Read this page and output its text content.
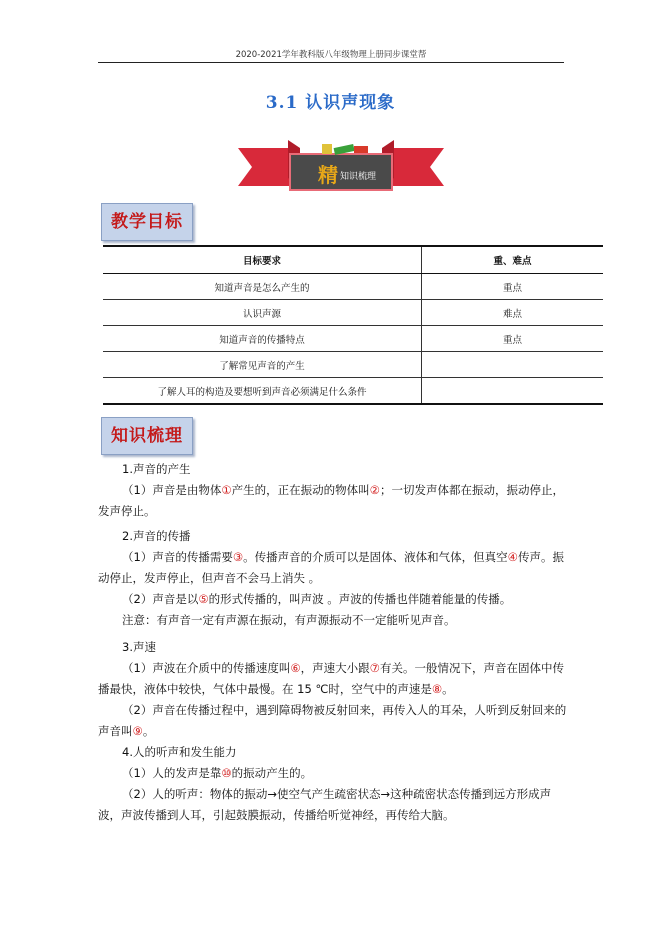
2020-2021学年教科版八年级物理上册同步课堂帮
3.1 认识声现象
精 知识梳理
教学目标
目标要求	重、难点
知道声音是怎么产生的	重点
认识声源	难点
知道声音的传播特点	重点
了解常见声音的产生	
了解人耳的构造及要想听到声音必须满足什么条件	
知识梳理

1.声音的产生

（1）声音是由物体①产生的，正在振动的物体叫②；一切发声体都在振动，振动停止，发声停止。

2.声音的传播

（1）声音的传播需要③。传播声音的介质可以是固体、液体和气体，但真空④传声。振动停止，发声停止，但声音不会马上消失 。

（2）声音是以⑤的形式传播的，叫声波 。声波的传播也伴随着能量的传播。

注意：有声音一定有声源在振动，有声源振动不一定能听见声音。

3.声速

（1）声波在介质中的传播速度叫⑥，声速大小跟⑦有关。一般情况下，声音在固体中传播最快，液体中较快，气体中最慢。在 15 ℃时，空气中的声速是⑧。

（2）声音在传播过程中，遇到障碍物被反射回来，再传入人的耳朵，人听到反射回来的声音叫⑨。

4.人的听声和发生能力

（1）人的发声是靠⑩的振动产生的。

（2）人的听声：物体的振动→使空气产生疏密状态→这种疏密状态传播到远方形成声波，声波传播到人耳，引起鼓膜振动，传播给听觉神经，再传给大脑。
